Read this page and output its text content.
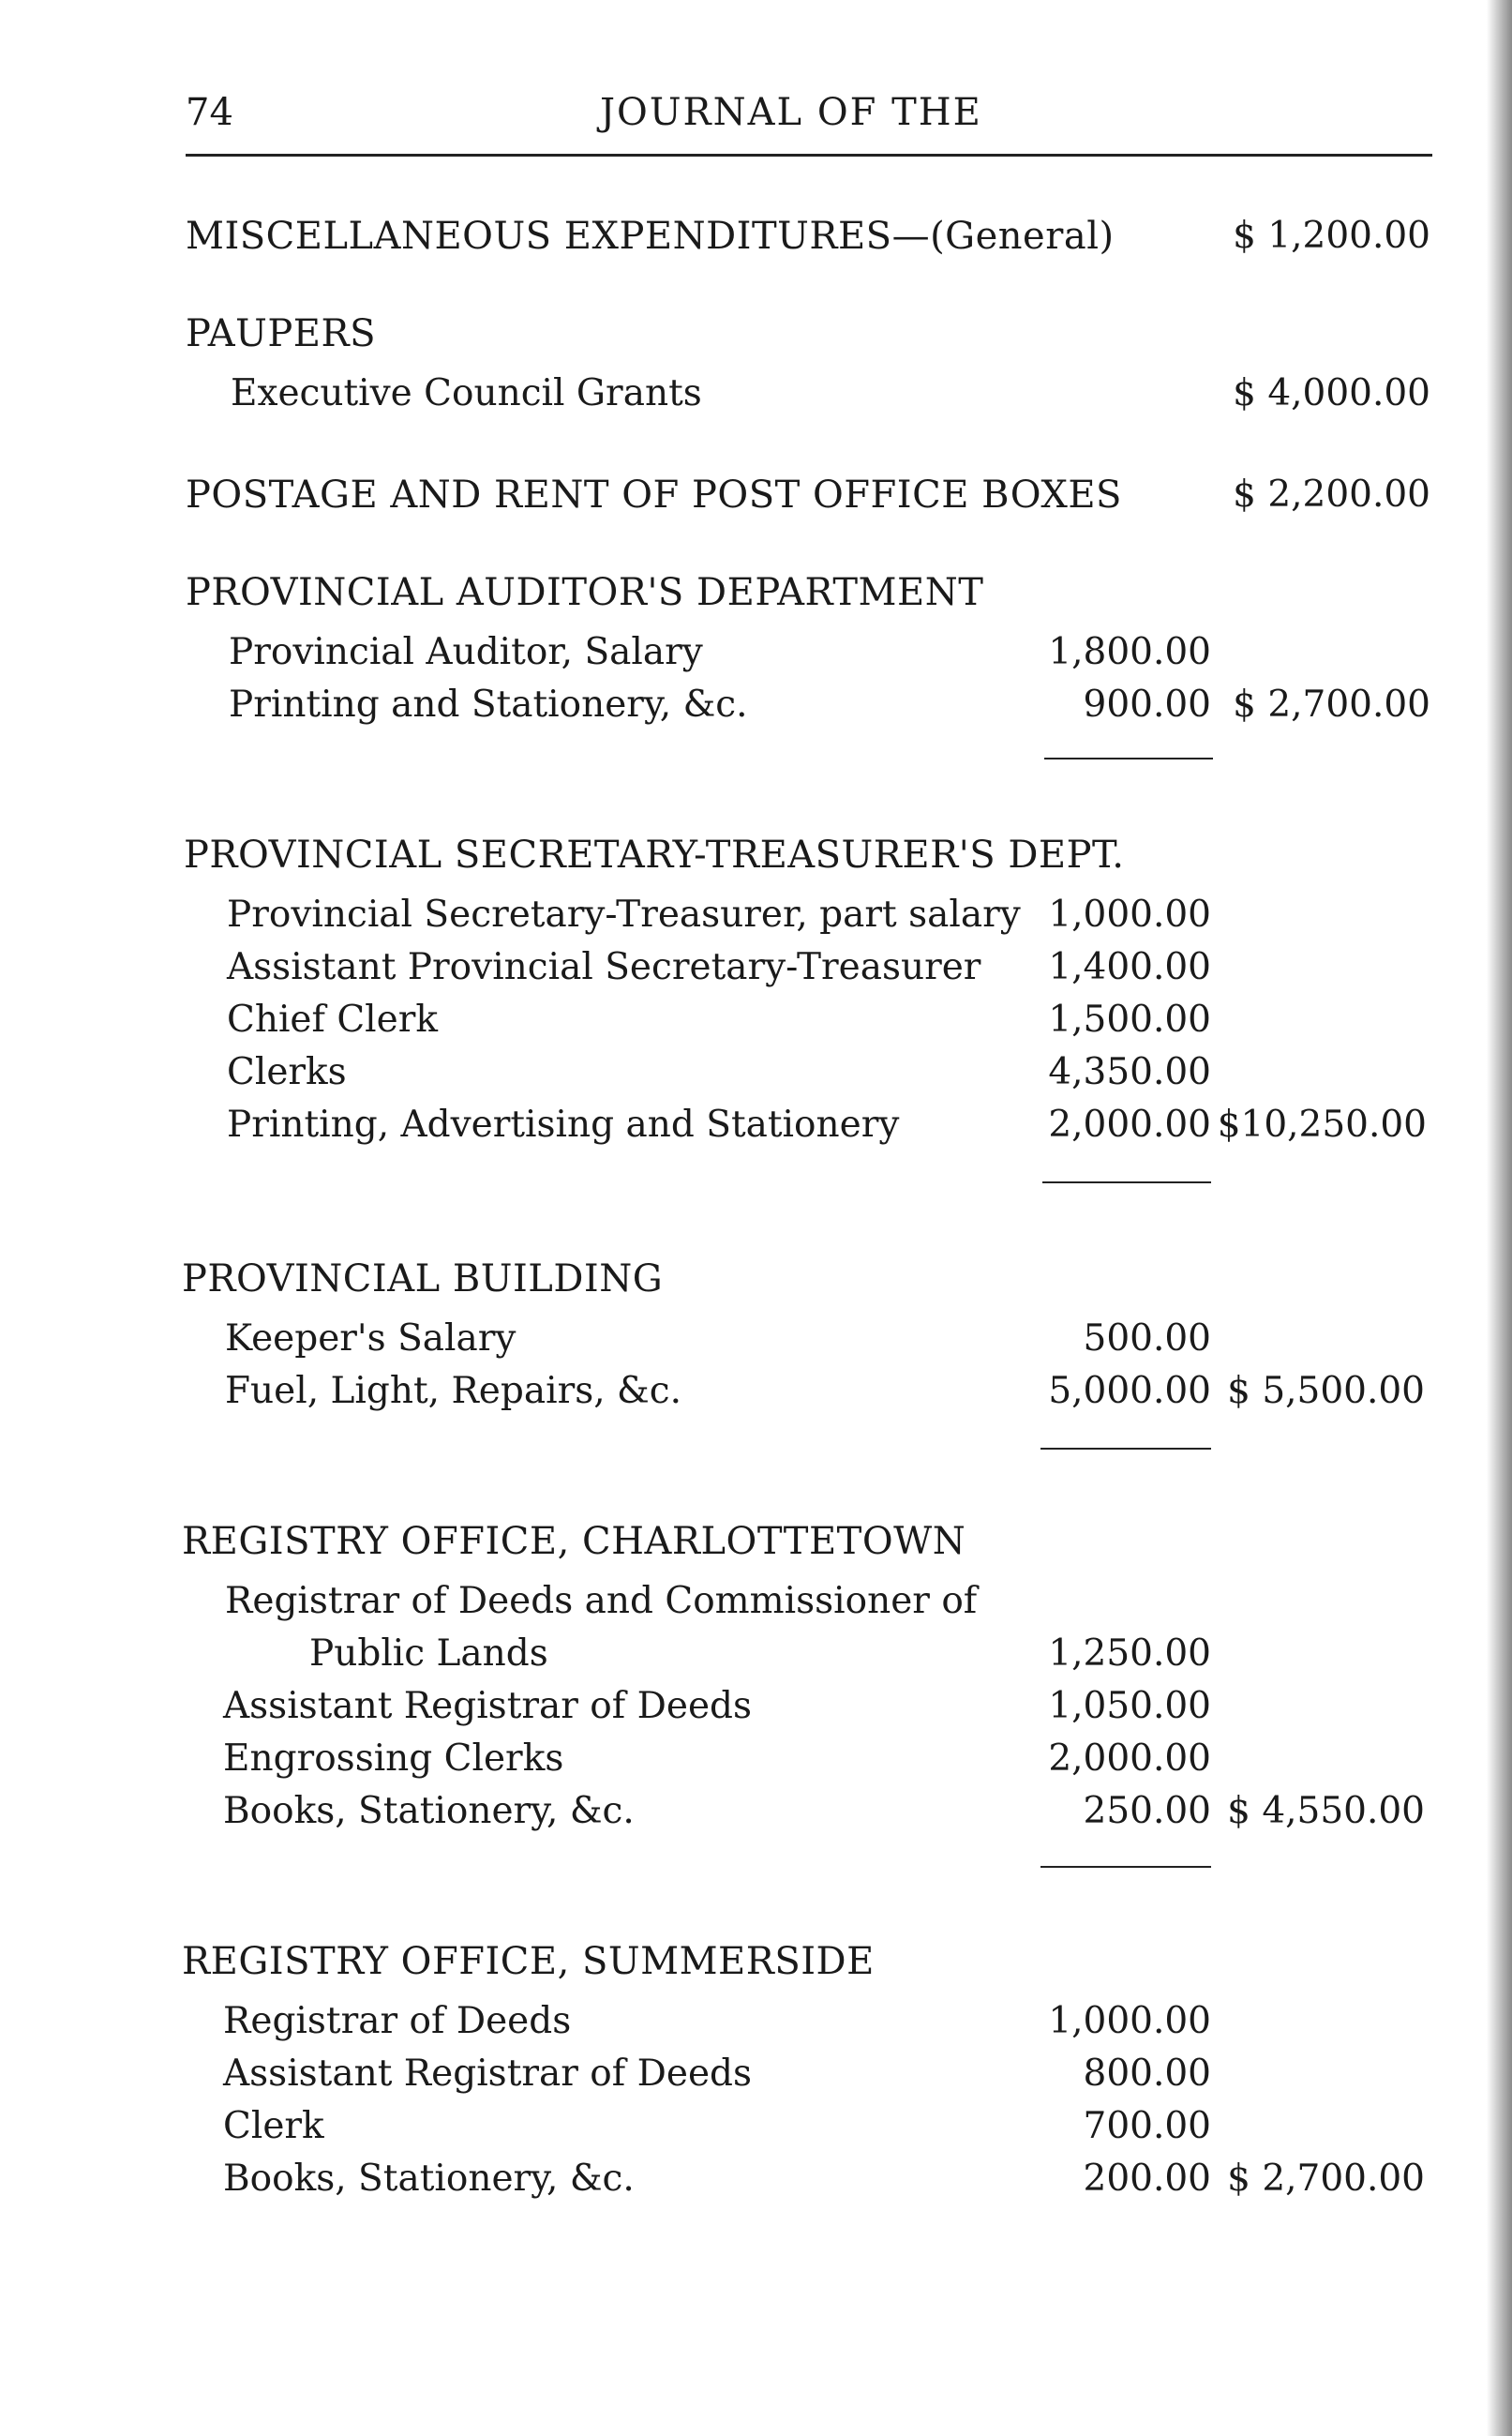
74	JOURNAL OF THE
MISCELLANEOUS EXPENDITURES—(General)	$ 1,200.00
PAUPERS
Executive Council Grants	$ 4,000.00
POSTAGE AND RENT OF POST OFFICE BOXES	$ 2,200.00
PROVINCIAL AUDITOR'S DEPARTMENT
Provincial Auditor, Salary	1,800.00
Printing and Stationery, &c.	900.00 $ 2,700.00
PROVINCIAL SECRETARY-TREASURER'S DEPT.
Provincial Secretary-Treasurer, part salary 1,000.00
Assistant Provincial Secretary-Treasurer 1,400.00
Chief Clerk	1,500.00
Clerks	4,350.00
Printing, Advertising and Stationery	2,000.00 $10,250.00
PROVINCIAL BUILDING
Keeper's Salary	500.00
Fuel, Light, Repairs, &c.	5,000.00 $ 5,500.00
REGISTRY OFFICE, CHARLOTTETOWN
Registrar of Deeds and Commissioner of
Public Lands	1,250.00
Assistant Registrar of Deeds	1,050.00
Engrossing Clerks	2,000.00
Books, Stationery, &c.	250.00 $ 4,550.00
REGISTRY OFFICE, SUMMERSIDE
Registrar of Deeds	1,000.00
Assistant Registrar of Deeds	800.00
Clerk	700.00
Books, Stationery, &c.	200.00 $ 2,700.00
